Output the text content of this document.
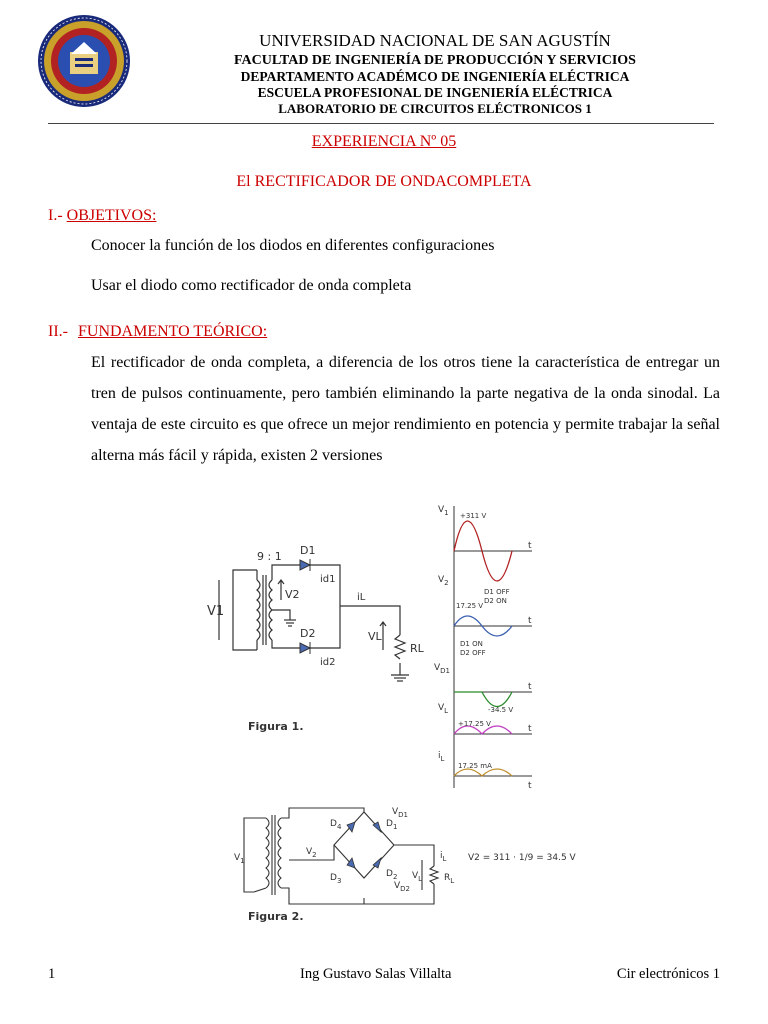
UNIVERSIDAD NACIONAL DE SAN AGUSTÍN
FACULTAD DE INGENIERÍA DE PRODUCCIÓN Y SERVICIOS
DEPARTAMENTO ACADÉMCO DE INGENIERÍA ELÉCTRICA
ESCUELA PROFESIONAL DE INGENIERÍA ELÉCTRICA
LABORATORIO DE CIRCUITOS ELÉCTRONICOS 1
EXPERIENCIA Nº 05
El RECTIFICADOR DE ONDACOMPLETA
I.- OBJETIVOS:
Conocer la función de los diodos en diferentes configuraciones
Usar el diodo como rectificador de onda completa
II.- FUNDAMENTO TEÓRICO:
El rectificador de onda completa, a diferencia de los otros tiene la característica de entregar un tren de pulsos continuamente, pero también eliminando la parte negativa de la onda sinodal. La ventaja de este circuito es que ofrece un mejor rendimiento en potencia y permite trabajar la señal alterna más fácil y rápida, existen 2 versiones
9 : 1
V1
V2
D1
D2
id1
id2
iL
VL
RL
Figura 1.
$V_1$
$V_2$
$V_{D1}$
$V_L$
$i_L$
+311 V
17.25 V
D1 OFF
D2 ON
D1 ON
D2 OFF
-34.5 V
+17.25 V
17.25 mA
t
t
t
t
t
$V_1$
$V_2$
$D_4$	$D_1$
$V_{D1}$
$D_3$
$D_2$
$V_{D2}$
$i_L$
$V_L$ $R_L$
V2 = 311 · 1/9 = 34.5 V
Figura 2.
1	Ing Gustavo Salas Villalta	Cir electrónicos 1
